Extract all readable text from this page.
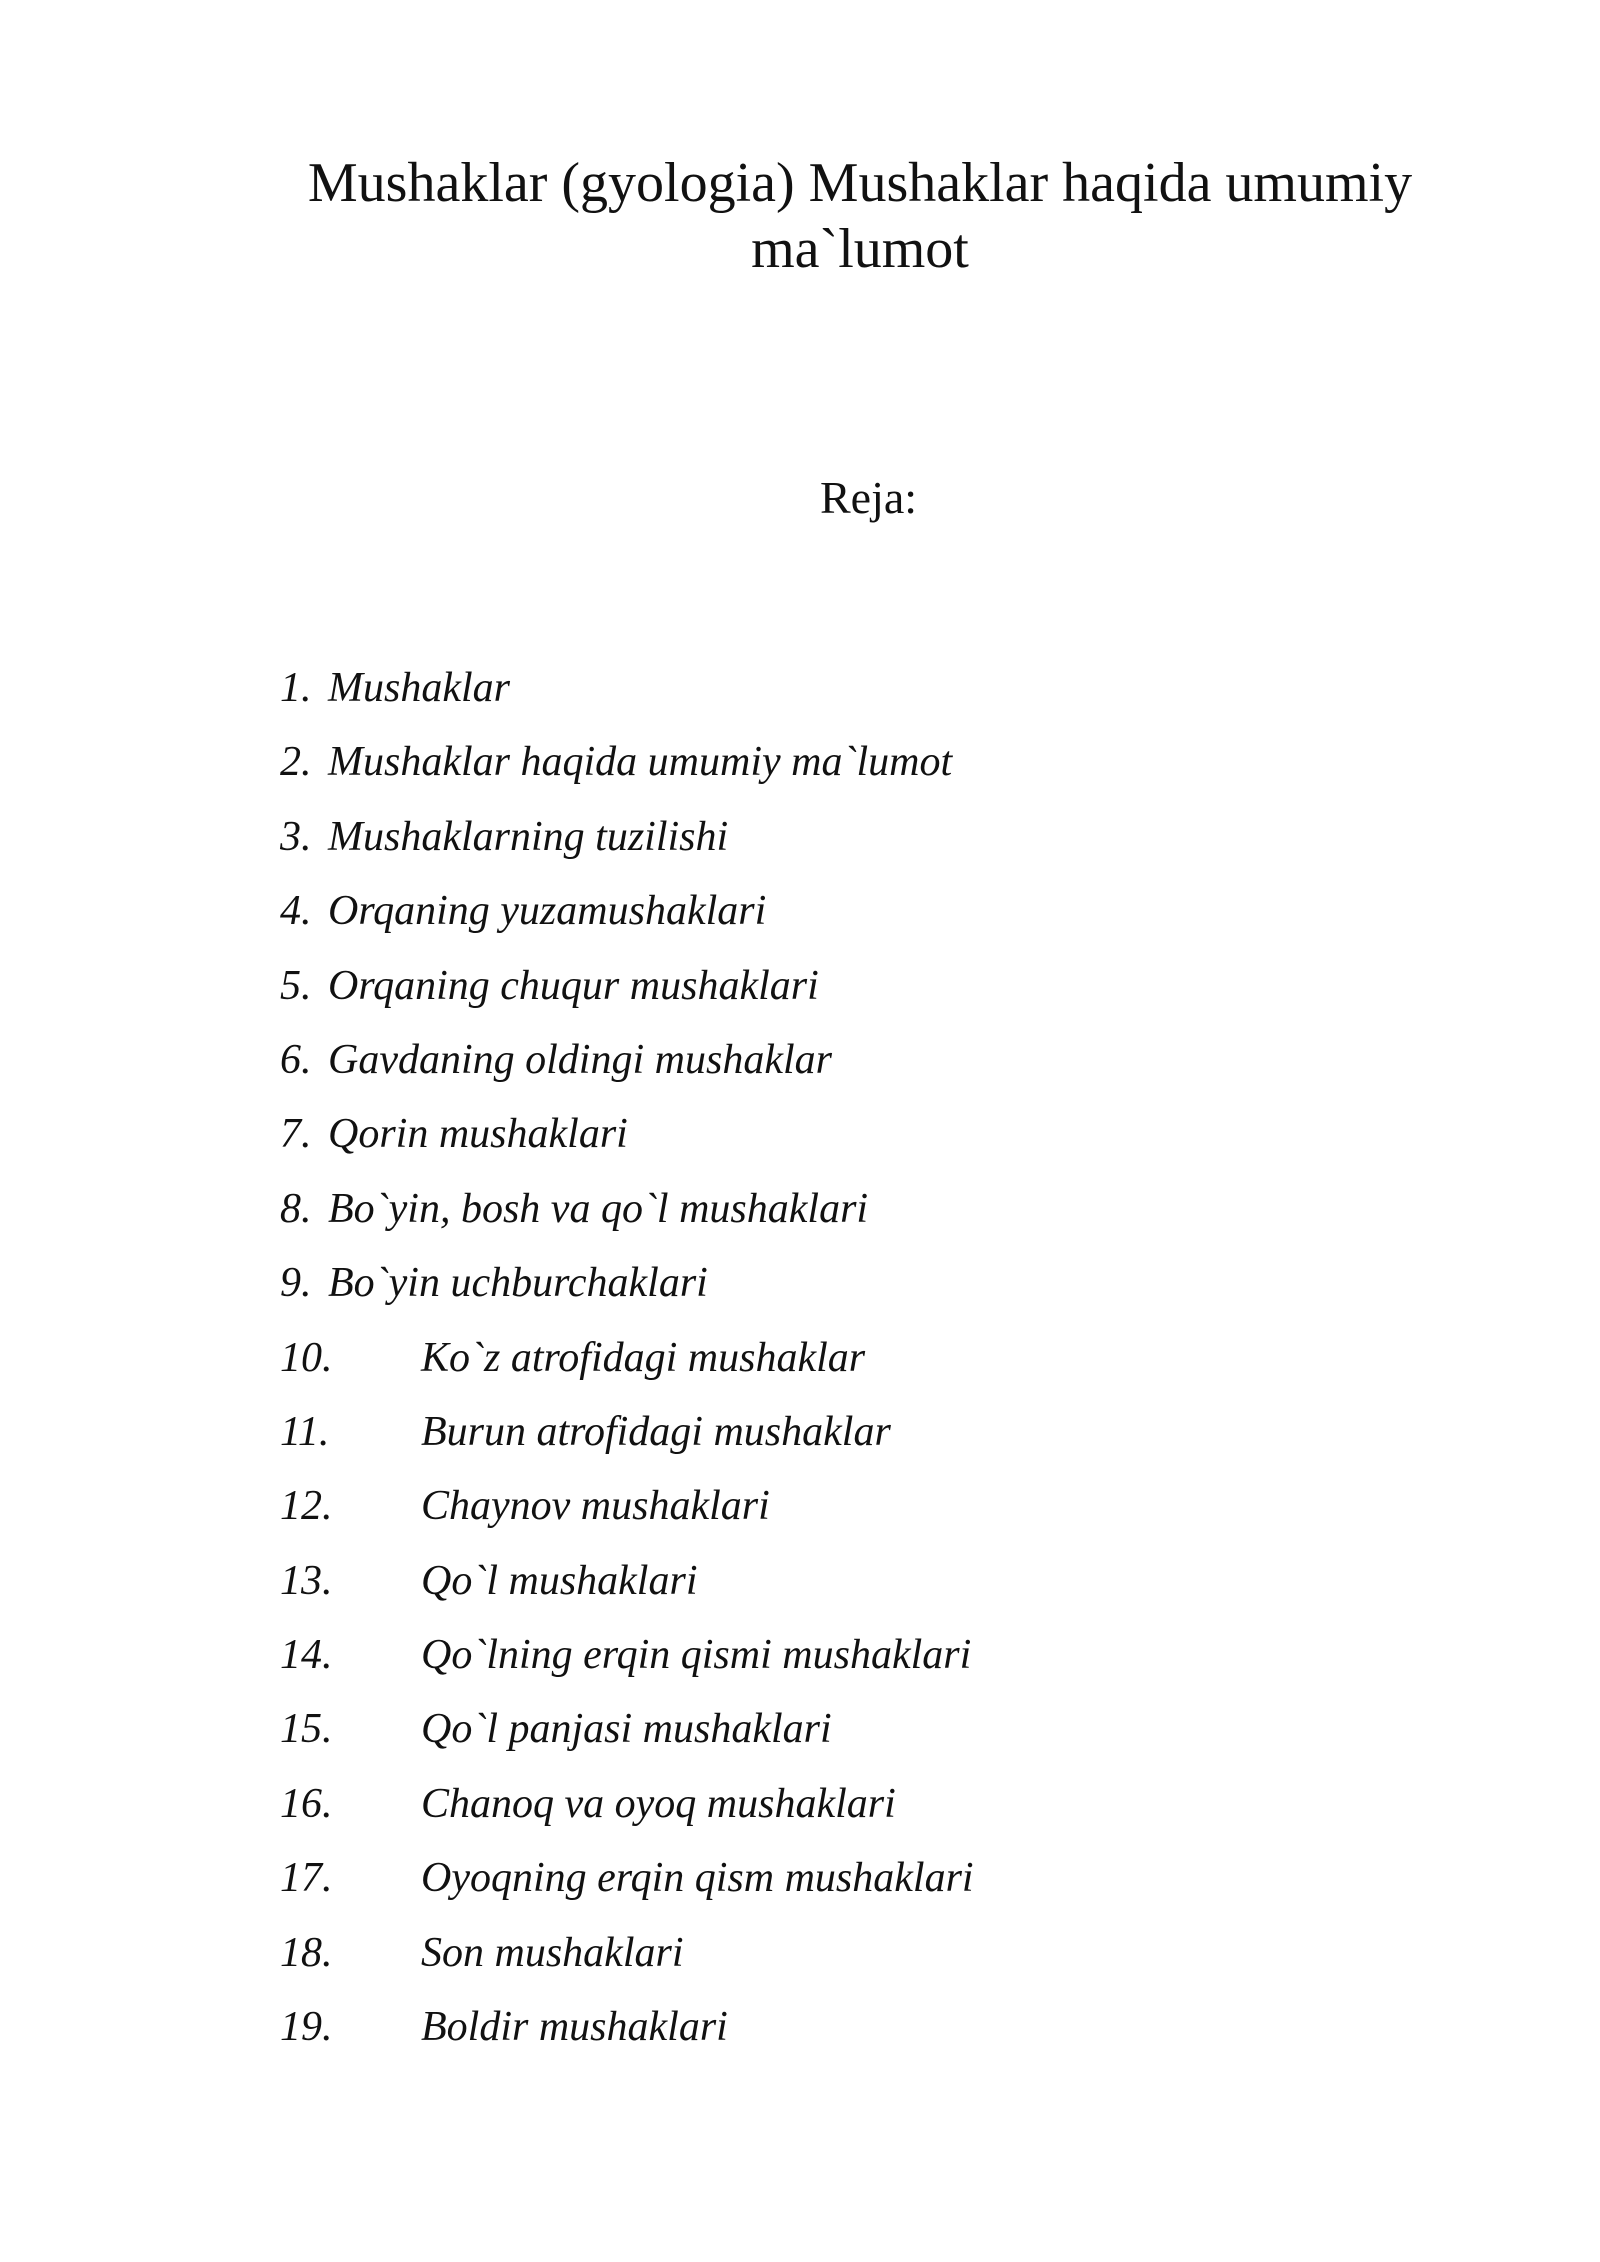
Mushaklar (gyologia) Mushaklar haqida umumiy
ma`lumot
Reja:
1. Mushaklar
2. Mushaklar haqida umumiy ma`lumot
3. Mushaklarning tuzilishi
4. Orqaning yuzamushaklari
5. Orqaning chuqur mushaklari
6. Gavdaning oldingi mushaklar
7. Qorin mushaklari
8. Bo`yin, bosh va qo`l mushaklari
9. Bo`yin uchburchaklari
10. Ko`z atrofidagi mushaklar
11. Burun atrofidagi mushaklar
12. Chaynov mushaklari
13. Qo`l mushaklari
14. Qo`lning erqin qismi mushaklari
15. Qo`l panjasi mushaklari
16. Chanoq va oyoq mushaklari
17. Oyoqning erqin qism mushaklari
18. Son mushaklari
19. Boldir mushaklari
